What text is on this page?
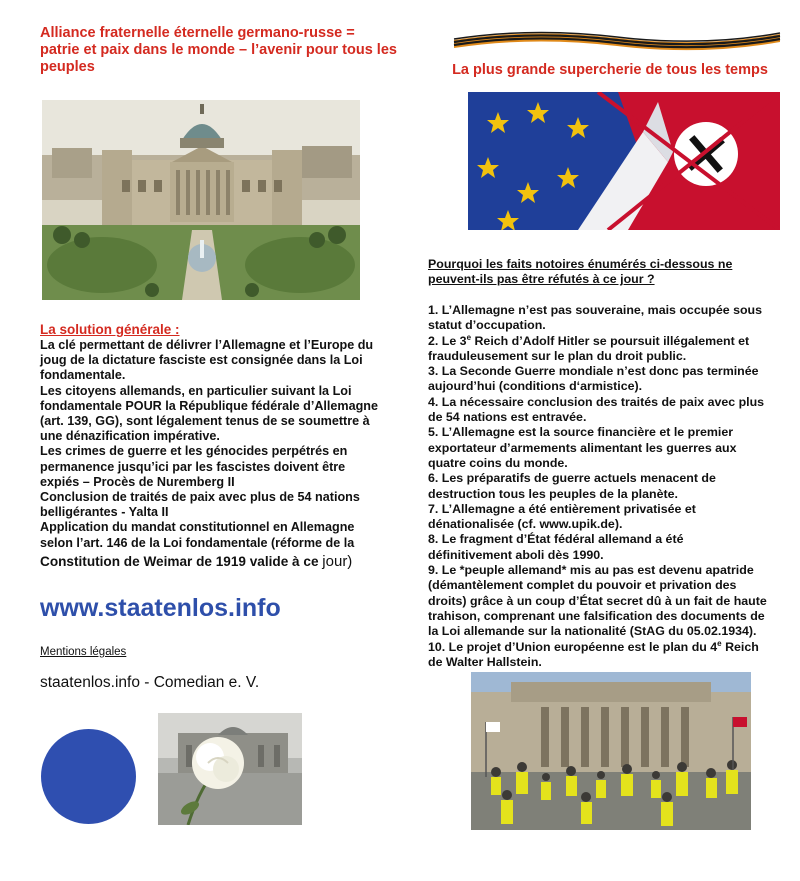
Alliance fraternelle éternelle germano-russe =
patrie et paix dans le monde – l’avenir pour tous les
peuples
La solution générale :

La clé permettant de délivrer l’Allemagne et l’Europe du

joug de la dictature fasciste est consignée dans la Loi

fondamentale.

Les citoyens allemands, en particulier suivant la Loi

fondamentale POUR la République fédérale d’Allemagne

(art. 139, GG), sont légalement tenus de se soumettre à

une dénazification impérative.

Les crimes de guerre et les génocides perpétrés en

permanence jusqu’ici par les fascistes doivent être

expiés – Procès de Nuremberg II

Conclusion de traités de paix avec plus de 54 nations

belligérantes - Yalta II

Application du mandat constitutionnel en Allemagne

selon l’art. 146 de la Loi fondamentale (réforme de la

Constitution de Weimar de 1919 valide à ce jour)

www.staatenlos.info
Mentions légales
staatenlos.info - Comedian e. V.
La plus grande supercherie de tous les temps

Pourquoi les faits notoires énumérés ci-dessous ne

peuvent-ils pas être réfutés à ce jour ?

1. L’Allemagne n’est pas souveraine, mais occupée sous

statut d’occupation.

2. Le 3e Reich d’Adolf Hitler se poursuit illégalement et

frauduleusement sur le plan du droit public.

3. La Seconde Guerre mondiale n’est donc pas terminée

aujourd’hui (conditions d‘armistice).

4. La nécessaire conclusion des traités de paix avec plus

de 54 nations est entravée.

5. L’Allemagne est la source financière et le premier

exportateur d’armements alimentant les guerres aux

quatre coins du monde.

6. Les préparatifs de guerre actuels menacent de

destruction tous les peuples de la planète.

7. L’Allemagne a été entièrement privatisée et

dénationalisée (cf. www.upik.de).

8. Le fragment d’État fédéral allemand a été

définitivement aboli dès 1990.

9. Le *peuple allemand* mis au pas est devenu apatride

(démantèlement complet du pouvoir et privation des

droits) grâce à un coup d’État secret dû à un fait de haute

trahison, comprenant une falsification des documents de

la Loi allemande sur la nationalité (StAG du 05.02.1934).

10. Le projet d’Union européenne est le plan du 4e Reich

de Walter Hallstein.
